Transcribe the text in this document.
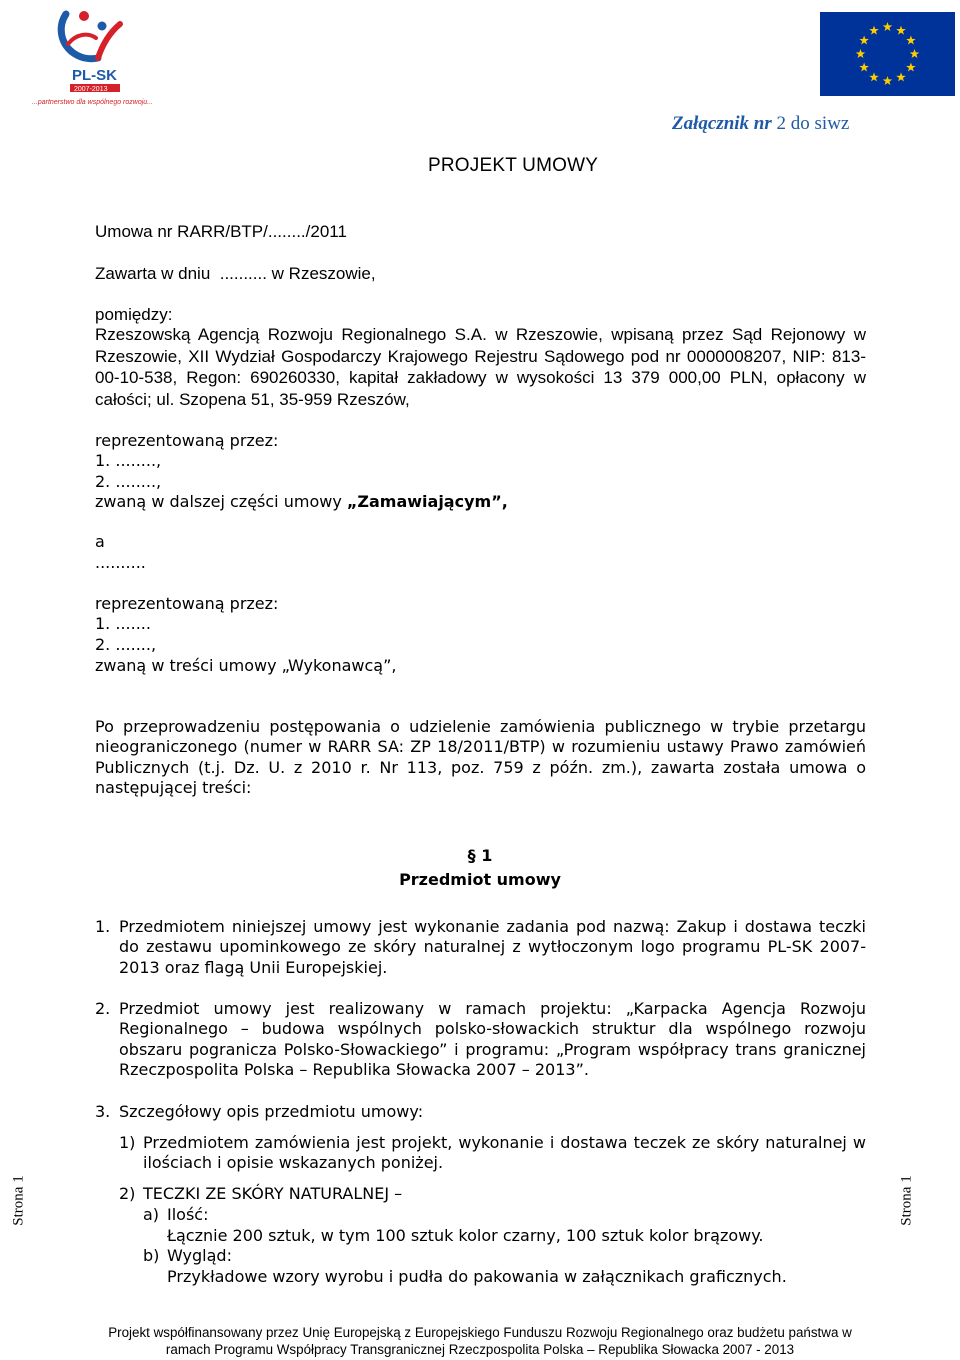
PL-SK
2007-2013
...partnerstwo dla wspólnego rozwoju...
Załącznik nr 2 do siwz
PROJEKT UMOWY
Umowa nr RARR/BTP/......../2011
Zawarta w dniu  .......... w Rzeszowie,
pomiędzy:
Rzeszowską Agencją Rozwoju Regionalnego S.A. w Rzeszowie, wpisaną przez Sąd Rejonowy w Rzeszowie, XII Wydział Gospodarczy Krajowego Rejestru Sądowego pod nr 0000008207, NIP: 813-00-10-538, Regon: 690260330, kapitał zakładowy w wysokości 13 379 000,00 PLN, opłacony w całości; ul. Szopena 51, 35-959 Rzeszów,
reprezentowaną przez:
1. ........,
2. ........,
zwaną w dalszej części umowy „Zamawiającym”,
a
..........
reprezentowaną przez:
1. .......
2. .......,
zwaną w treści umowy „Wykonawcą”,
Po przeprowadzeniu postępowania o udzielenie zamówienia publicznego w trybie przetargu nieograniczonego (numer w RARR SA: ZP 18/2011/BTP) w rozumieniu ustawy Prawo zamówień Publicznych (t.j. Dz. U. z 2010 r. Nr 113, poz. 759 z późn. zm.), zawarta została umowa o następującej treści:
§ 1
Przedmiot umowy
1. Przedmiotem niniejszej umowy jest wykonanie zadania pod nazwą: Zakup i dostawa teczki do zestawu upominkowego ze skóry naturalnej z wytłoczonym logo programu PL-SK 2007-2013 oraz flagą Unii Europejskiej.
2. Przedmiot umowy jest realizowany w ramach projektu: „Karpacka Agencja Rozwoju Regionalnego – budowa wspólnych polsko-słowackich struktur dla wspólnego rozwoju obszaru pogranicza Polsko-Słowackiego” i programu: „Program współpracy trans granicznej Rzeczpospolita Polska – Republika Słowacka 2007 – 2013”.
3. Szczegółowy opis przedmiotu umowy:
1) Przedmiotem zamówienia jest projekt, wykonanie i dostawa teczek ze skóry naturalnej w ilościach i opisie wskazanych poniżej.
2) TECZKI ZE SKÓRY NATURALNEJ –
a) Ilość:
Łącznie 200 sztuk, w tym 100 sztuk kolor czarny, 100 sztuk kolor brązowy.
b) Wygląd:
Przykładowe wzory wyrobu i pudła do pakowania w załącznikach graficznych.
Strona 1	Strona 1
Projekt współfinansowany przez Unię Europejską z Europejskiego Funduszu Rozwoju Regionalnego oraz budżetu państwa w
ramach Programu Współpracy Transgranicznej Rzeczpospolita Polska – Republika Słowacka 2007 - 2013
